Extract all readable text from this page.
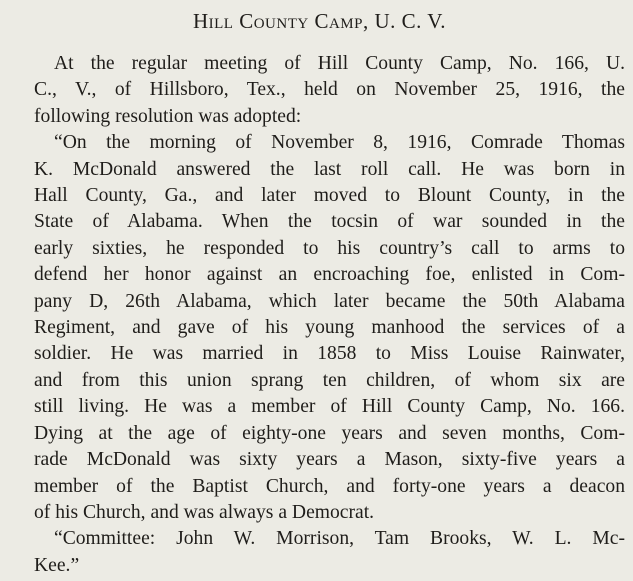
Hill County Camp, U. C. V.

At the regular meeting of Hill County Camp, No. 166, U.
C., V., of Hillsboro, Tex., held on November 25, 1916, the
following resolution was adopted:

“On the morning of November 8, 1916, Comrade Thomas
K. McDonald answered the last roll call. He was born in
Hall County, Ga., and later moved to Blount County, in the
State of Alabama. When the tocsin of war sounded in the
early sixties, he responded to his country’s call to arms to
defend her honor against an encroaching foe, enlisted in Com-
pany D, 26th Alabama, which later became the 50th Alabama
Regiment, and gave of his young manhood the services of a
soldier. He was married in 1858 to Miss Louise Rainwater,
and from this union sprang ten children, of whom six are
still living. He was a member of Hill County Camp, No. 166.
Dying at the age of eighty-one years and seven months, Com-
rade McDonald was sixty years a Mason, sixty-five years a
member of the Baptist Church, and forty-one years a deacon
of his Church, and was always a Democrat.

“Committee: John W. Morrison, Tam Brooks, W. L. Mc-
Kee.”
